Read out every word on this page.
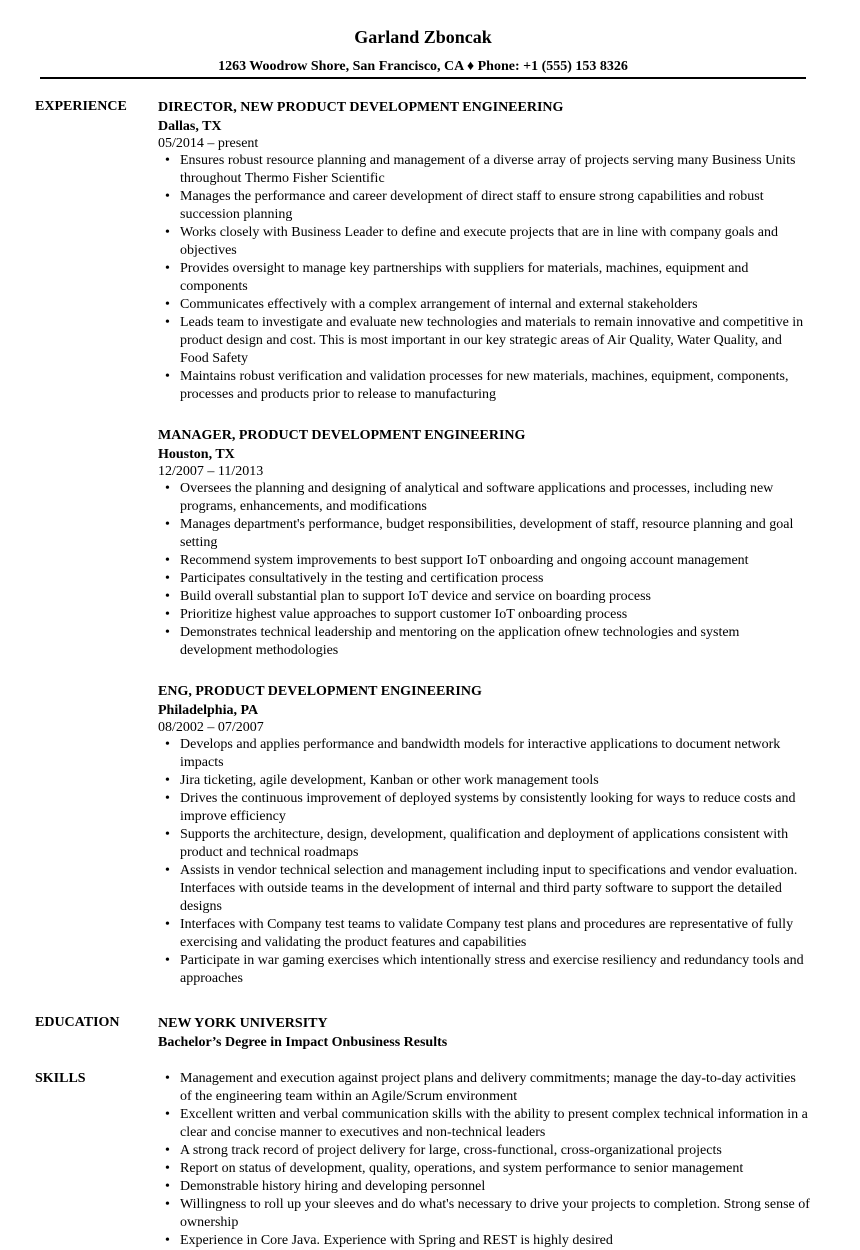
Garland Zboncak
1263 Woodrow Shore, San Francisco, CA ♦ Phone: +1 (555) 153 8326
EXPERIENCE DIRECTOR, NEW PRODUCT DEVELOPMENT ENGINEERING
Dallas, TX
05/2014 – present
• Ensures robust resource planning and management of a diverse array of projects serving many Business Units throughout Thermo Fisher Scientific
• Manages the performance and career development of direct staff to ensure strong capabilities and robust succession planning
• Works closely with Business Leader to define and execute projects that are in line with company goals and objectives
• Provides oversight to manage key partnerships with suppliers for materials, machines, equipment and components
• Communicates effectively with a complex arrangement of internal and external stakeholders
• Leads team to investigate and evaluate new technologies and materials to remain innovative and competitive in product design and cost. This is most important in our key strategic areas of Air Quality, Water Quality, and Food Safety
• Maintains robust verification and validation processes for new materials, machines, equipment, components, processes and products prior to release to manufacturing
MANAGER, PRODUCT DEVELOPMENT ENGINEERING
Houston, TX
12/2007 – 11/2013
• Oversees the planning and designing of analytical and software applications and processes, including new programs, enhancements, and modifications
• Manages department's performance, budget responsibilities, development of staff, resource planning and goal setting
• Recommend system improvements to best support IoT onboarding and ongoing account management
• Participates consultatively in the testing and certification process
• Build overall substantial plan to support IoT device and service on boarding process
• Prioritize highest value approaches to support customer IoT onboarding process
• Demonstrates technical leadership and mentoring on the application ofnew technologies and system development methodologies
ENG, PRODUCT DEVELOPMENT ENGINEERING
Philadelphia, PA
08/2002 – 07/2007
• Develops and applies performance and bandwidth models for interactive applications to document network impacts
• Jira ticketing, agile development, Kanban or other work management tools
• Drives the continuous improvement of deployed systems by consistently looking for ways to reduce costs and improve efficiency
• Supports the architecture, design, development, qualification and deployment of applications consistent with product and technical roadmaps
• Assists in vendor technical selection and management including input to specifications and vendor evaluation. Interfaces with outside teams in the development of internal and third party software to support the detailed designs
• Interfaces with Company test teams to validate Company test plans and procedures are representative of fully exercising and validating the product features and capabilities
• Participate in war gaming exercises which intentionally stress and exercise resiliency and redundancy tools and approaches
EDUCATION	NEW YORK UNIVERSITY
Bachelor’s Degree in Impact Onbusiness Results
SKILLS
•	Management and execution against project plans and delivery commitments; manage the day-to-day activities of the engineering team within an Agile/Scrum environment
• Excellent written and verbal communication skills with the ability to present complex technical information in a clear and concise manner to executives and non-technical leaders
• A strong track record of project delivery for large, cross-functional, cross-organizational projects
• Report on status of development, quality, operations, and system performance to senior management
• Demonstrable history hiring and developing personnel
• Willingness to roll up your sleeves and do what's necessary to drive your projects to completion. Strong sense of ownership
• Experience in Core Java. Experience with Spring and REST is highly desired
